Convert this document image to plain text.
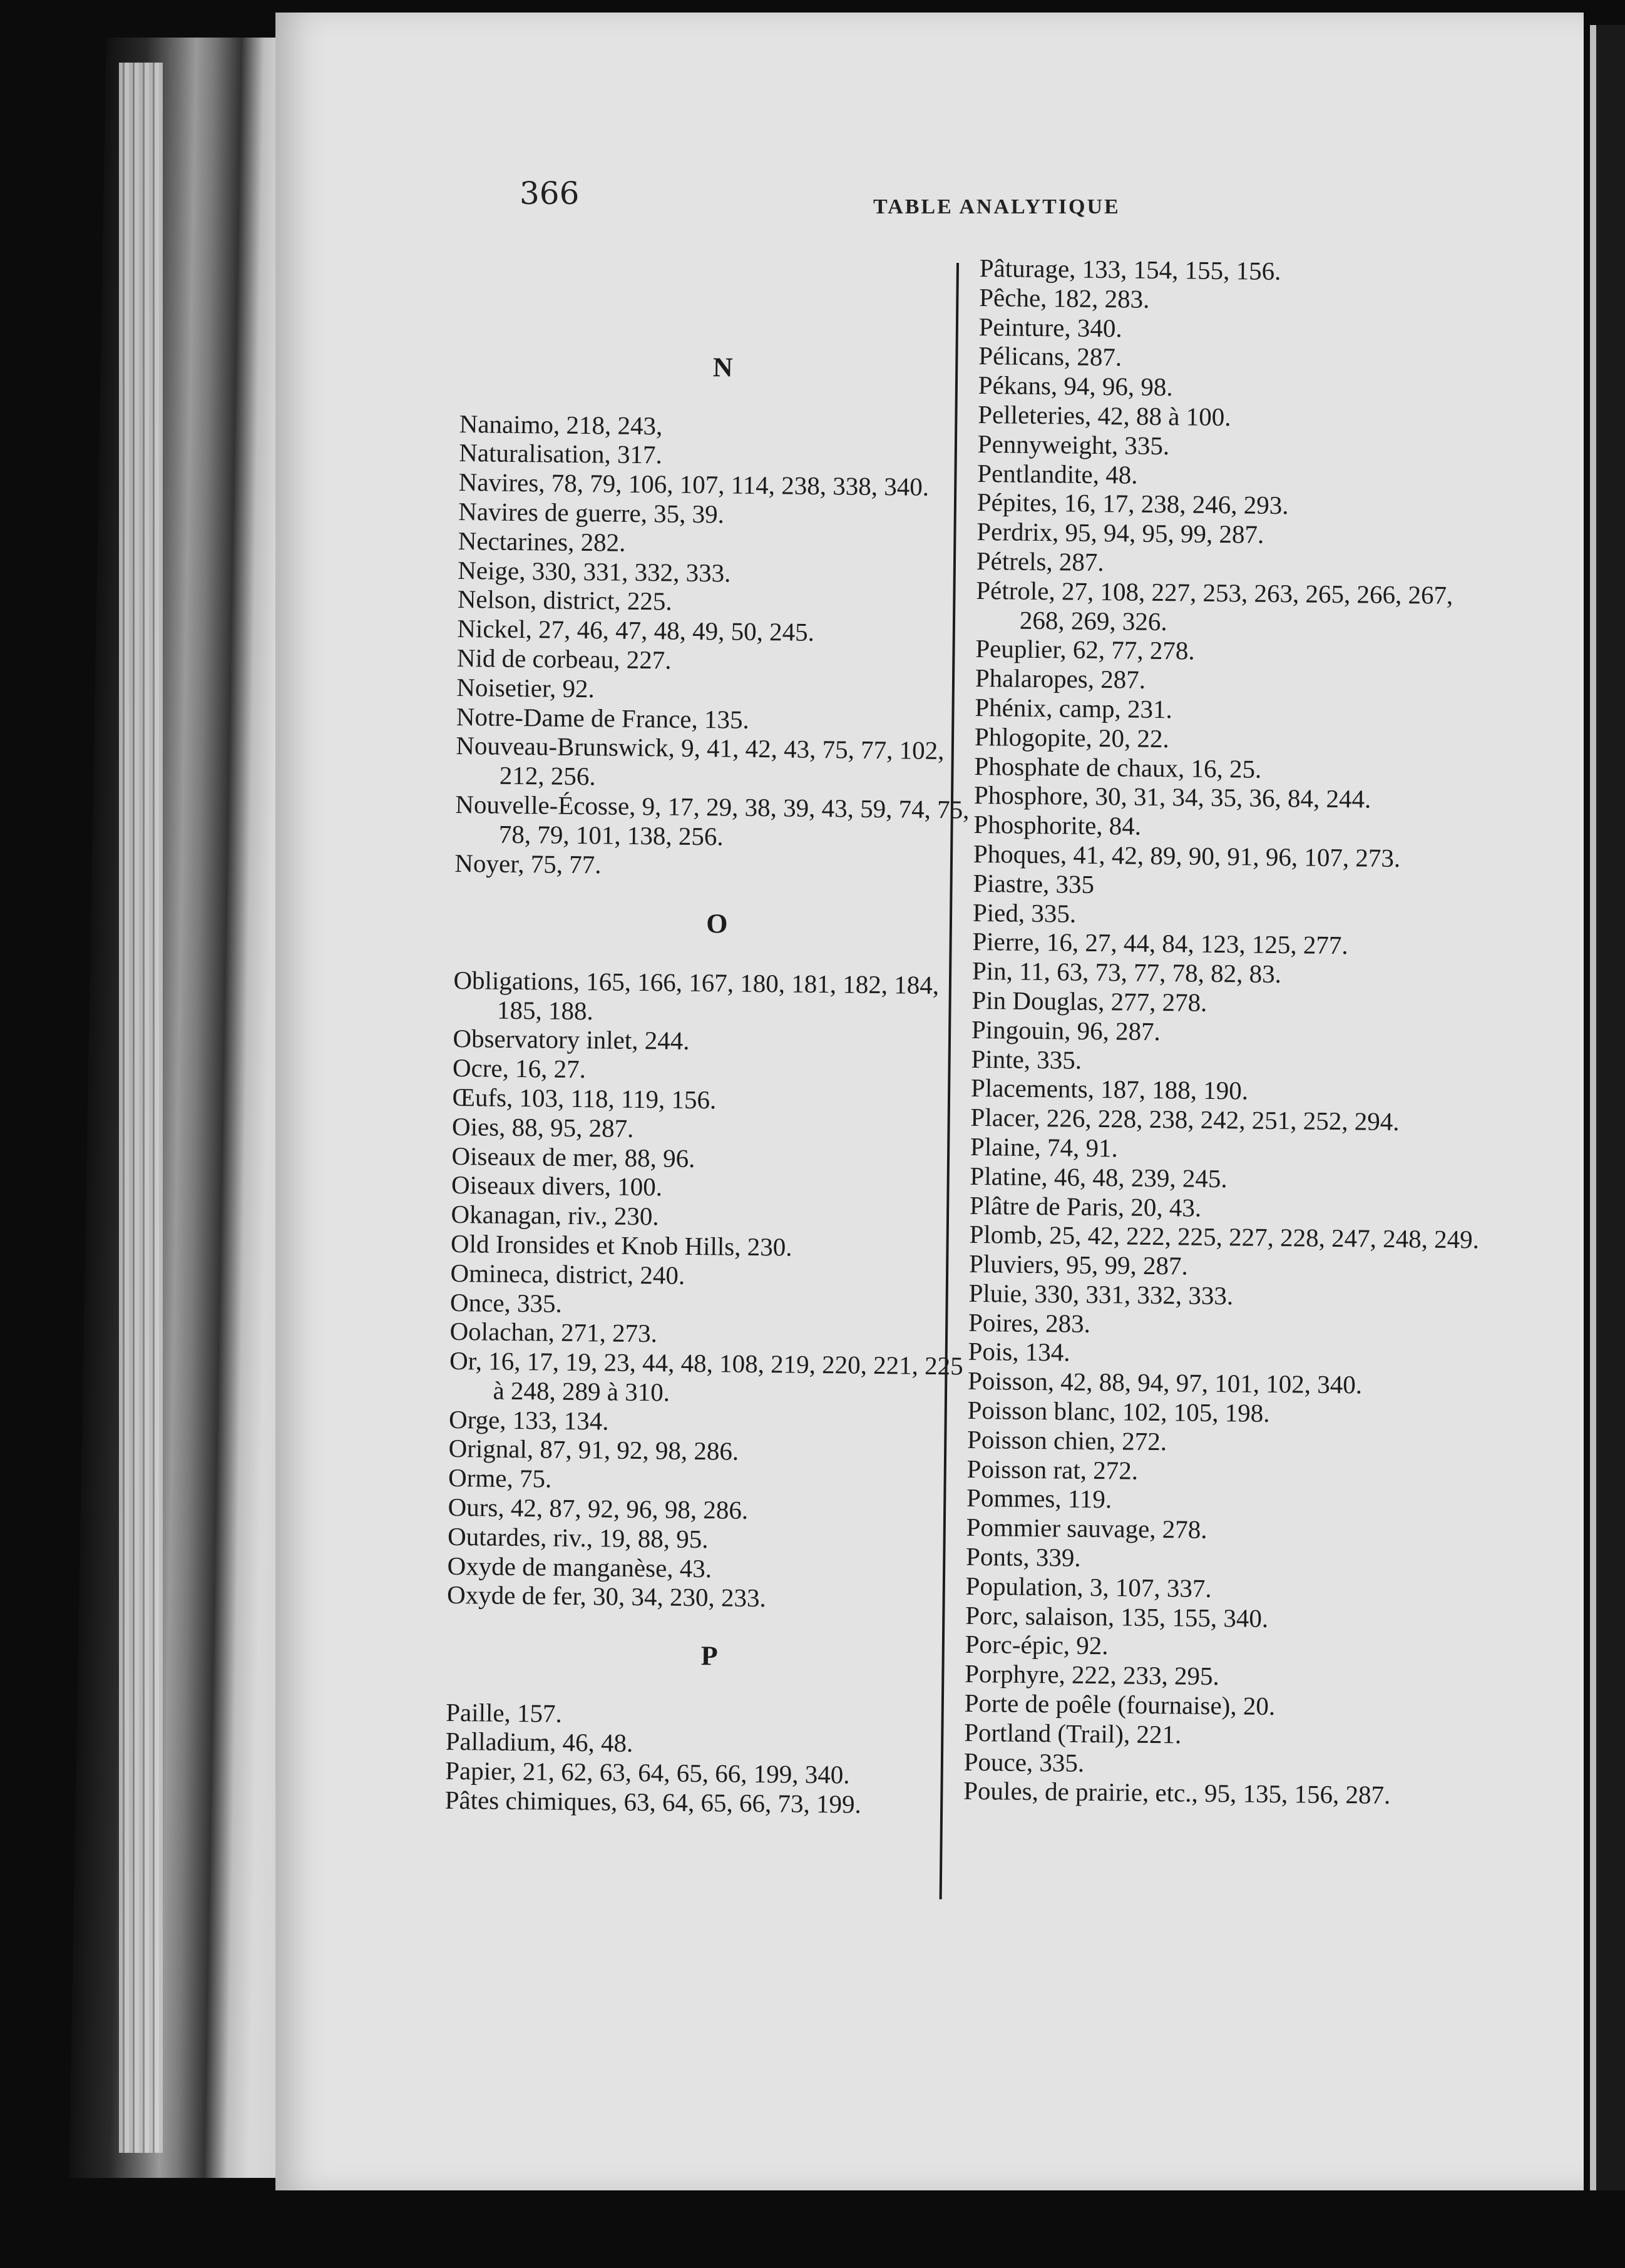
366	TABLE ANALYTIQUE
N
Nanaimo, 218, 243,
Naturalisation, 317.
Navires, 78, 79, 106, 107, 114, 238, 338, 340.
Navires de guerre, 35, 39.
Nectarines, 282.
Neige, 330, 331, 332, 333.
Nelson, district, 225.
Nickel, 27, 46, 47, 48, 49, 50, 245.
Nid de corbeau, 227.
Noisetier, 92.
Notre-Dame de France, 135.
Nouveau-Brunswick, 9, 41, 42, 43, 75, 77, 102, 212, 256.
Nouvelle-Écosse, 9, 17, 29, 38, 39, 43, 59, 74, 75, 78, 79, 101, 138, 256.
Noyer, 75, 77.
O
Obligations, 165, 166, 167, 180, 181, 182, 184, 185, 188.
Observatory inlet, 244.
Ocre, 16, 27.
Œufs, 103, 118, 119, 156.
Oies, 88, 95, 287.
Oiseaux de mer, 88, 96.
Oiseaux divers, 100.
Okanagan, riv., 230.
Old Ironsides et Knob Hills, 230.
Omineca, district, 240.
Once, 335.
Oolachan, 271, 273.
Or, 16, 17, 19, 23, 44, 48, 108, 219, 220, 221, 225 à 248, 289 à 310.
Orge, 133, 134.
Orignal, 87, 91, 92, 98, 286.
Orme, 75.
Ours, 42, 87, 92, 96, 98, 286.
Outardes, riv., 19, 88, 95.
Oxyde de manganèse, 43.
Oxyde de fer, 30, 34, 230, 233.
P
Paille, 157.
Palladium, 46, 48.
Papier, 21, 62, 63, 64, 65, 66, 199, 340.
Pâtes chimiques, 63, 64, 65, 66, 73, 199.
Pâturage, 133, 154, 155, 156.
Pêche, 182, 283.
Peinture, 340.
Pélicans, 287.
Pékans, 94, 96, 98.
Pelleteries, 42, 88 à 100.
Pennyweight, 335.
Pentlandite, 48.
Pépites, 16, 17, 238, 246, 293.
Perdrix, 95, 94, 95, 99, 287.
Pétrels, 287.
Pétrole, 27, 108, 227, 253, 263, 265, 266, 267, 268, 269, 326.
Peuplier, 62, 77, 278.
Phalaropes, 287.
Phénix, camp, 231.
Phlogopite, 20, 22.
Phosphate de chaux, 16, 25.
Phosphore, 30, 31, 34, 35, 36, 84, 244.
Phosphorite, 84.
Phoques, 41, 42, 89, 90, 91, 96, 107, 273.
Piastre, 335
Pied, 335.
Pierre, 16, 27, 44, 84, 123, 125, 277.
Pin, 11, 63, 73, 77, 78, 82, 83.
Pin Douglas, 277, 278.
Pingouin, 96, 287.
Pinte, 335.
Placements, 187, 188, 190.
Placer, 226, 228, 238, 242, 251, 252, 294.
Plaine, 74, 91.
Platine, 46, 48, 239, 245.
Plâtre de Paris, 20, 43.
Plomb, 25, 42, 222, 225, 227, 228, 247, 248, 249.
Pluviers, 95, 99, 287.
Pluie, 330, 331, 332, 333.
Poires, 283.
Pois, 134.
Poisson, 42, 88, 94, 97, 101, 102, 340.
Poisson blanc, 102, 105, 198.
Poisson chien, 272.
Poisson rat, 272.
Pommes, 119.
Pommier sauvage, 278.
Ponts, 339.
Population, 3, 107, 337.
Porc, salaison, 135, 155, 340.
Porc-épic, 92.
Porphyre, 222, 233, 295.
Porte de poêle (fournaise), 20.
Portland (Trail), 221.
Pouce, 335.
Poules, de prairie, etc., 95, 135, 156, 287.
